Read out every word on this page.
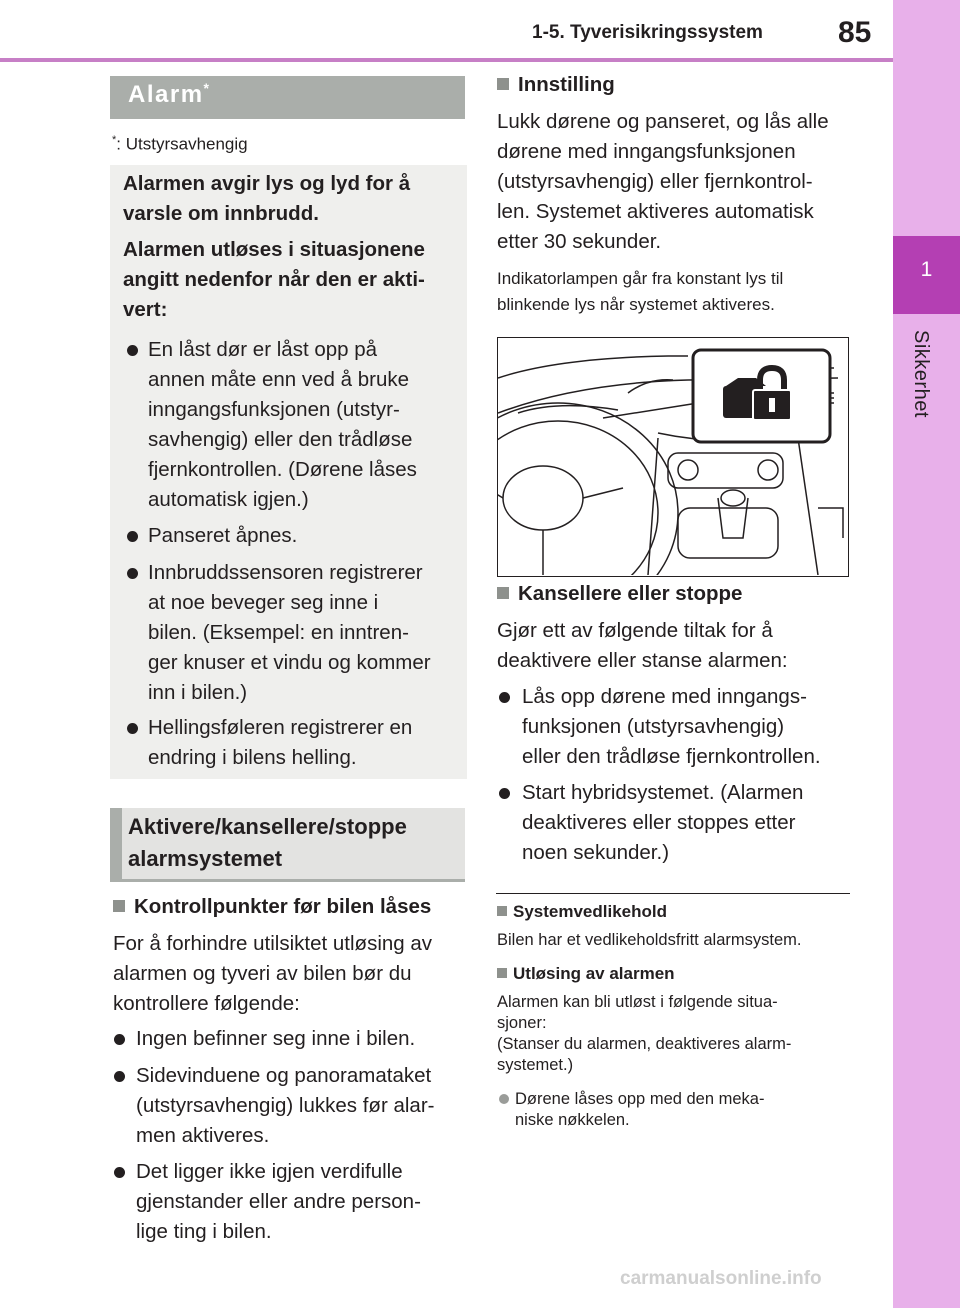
1-5. Tyverisikringssystem	85
1
Sikkerhet
Alarm*
*: Utstyrsavhengig
Alarmen avgir lys og lyd for å
varsle om innbrudd.
Alarmen utløses i situasjonene
angitt nedenfor når den er akti-
vert:
En låst dør er låst opp på
annen måte enn ved å bruke
inngangsfunksjonen (utstyr-
savhengig) eller den trådløse
fjernkontrollen. (Dørene låses
automatisk igjen.)
Panseret åpnes.
Innbruddssensoren registrerer
at noe beveger seg inne i
bilen. (Eksempel: en inntren-
ger knuser et vindu og kommer
inn i bilen.)
Hellingsføleren registrerer en
endring i bilens helling.
Aktivere/kansellere/stoppe
alarmsystemet
Kontrollpunkter før bilen låses
For å forhindre utilsiktet utløsing av
alarmen og tyveri av bilen bør du
kontrollere følgende:
Ingen befinner seg inne i bilen.
Sidevinduene og panoramataket
(utstyrsavhengig) lukkes før alar-
men aktiveres.
Det ligger ikke igjen verdifulle
gjenstander eller andre person-
lige ting i bilen.
Innstilling
Lukk dørene og panseret, og lås alle
dørene med inngangsfunksjonen
(utstyrsavhengig) eller fjernkontrol-
len. Systemet aktiveres automatisk
etter 30 sekunder.
Indikatorlampen går fra konstant lys til
blinkende lys når systemet aktiveres.
Kansellere eller stoppe
Gjør ett av følgende tiltak for å
deaktivere eller stanse alarmen:
Lås opp dørene med inngangs-
funksjonen (utstyrsavhengig)
eller den trådløse fjernkontrollen.
Start hybridsystemet. (Alarmen
deaktiveres eller stoppes etter
noen sekunder.)
Systemvedlikehold
Bilen har et vedlikeholdsfritt alarmsystem.
Utløsing av alarmen
Alarmen kan bli utløst i følgende situa-
sjoner:
(Stanser du alarmen, deaktiveres alarm-
systemet.)
Dørene låses opp med den meka-
niske nøkkelen.
carmanualsonline.info
